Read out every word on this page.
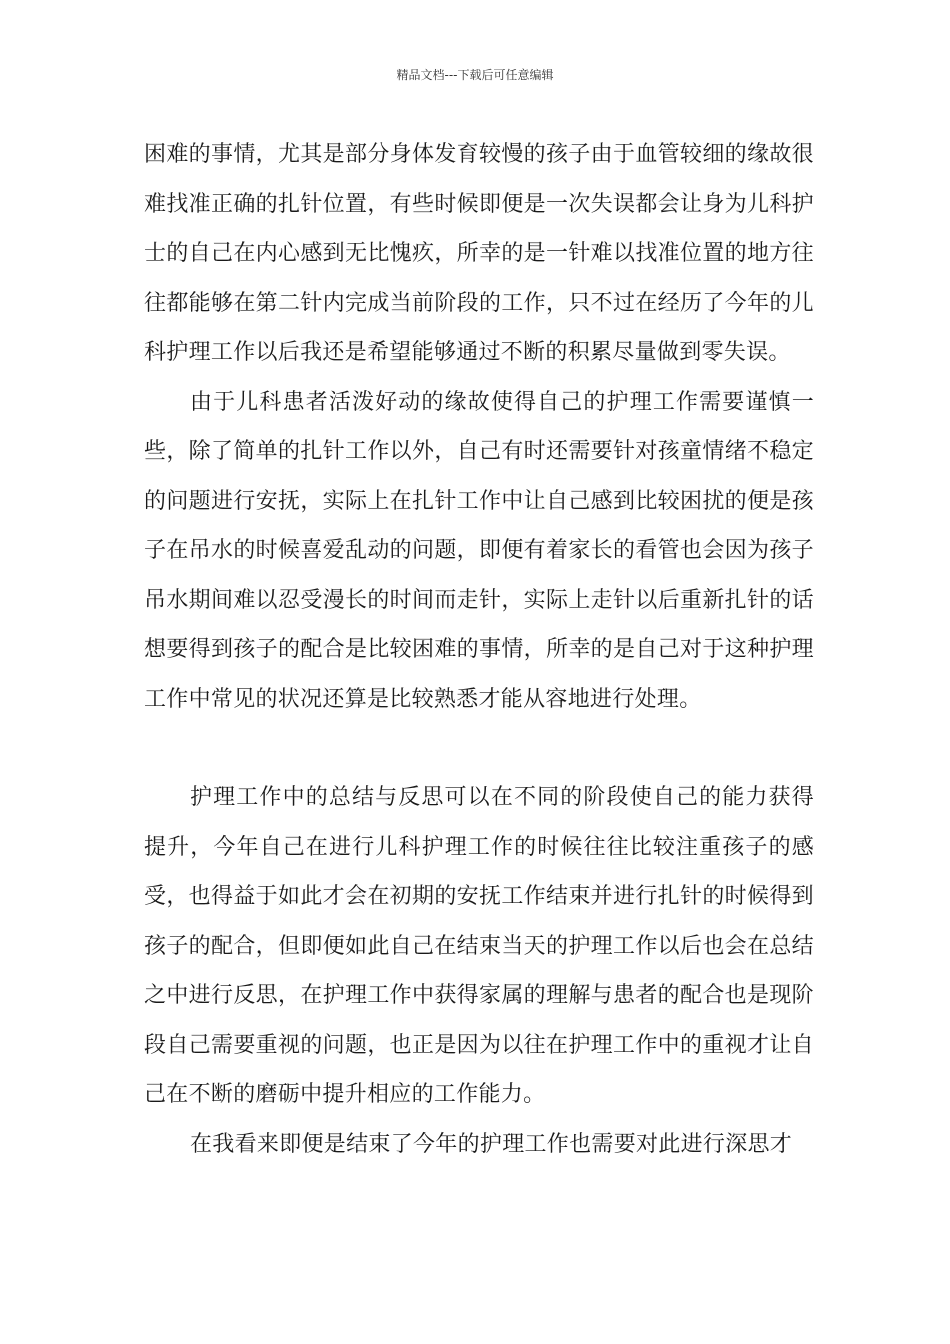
精品文档---下载后可任意编辑

困难的事情，尤其是部分身体发育较慢的孩子由于血管较细的缘故很难找准正确的扎针位置，有些时候即便是一次失误都会让身为儿科护士的自己在内心感到无比愧疚，所幸的是一针难以找准位置的地方往往都能够在第二针内完成当前阶段的工作，只不过在经历了今年的儿科护理工作以后我还是希望能够通过不断的积累尽量做到零失误。

由于儿科患者活泼好动的缘故使得自己的护理工作需要谨慎一些，除了简单的扎针工作以外，自己有时还需要针对孩童情绪不稳定的问题进行安抚，实际上在扎针工作中让自己感到比较困扰的便是孩子在吊水的时候喜爱乱动的问题，即便有着家长的看管也会因为孩子吊水期间难以忍受漫长的时间而走针，实际上走针以后重新扎针的话想要得到孩子的配合是比较困难的事情，所幸的是自己对于这种护理工作中常见的状况还算是比较熟悉才能从容地进行处理。

护理工作中的总结与反思可以在不同的阶段使自己的能力获得提升，今年自己在进行儿科护理工作的时候往往比较注重孩子的感受，也得益于如此才会在初期的安抚工作结束并进行扎针的时候得到孩子的配合，但即便如此自己在结束当天的护理工作以后也会在总结之中进行反思，在护理工作中获得家属的理解与患者的配合也是现阶段自己需要重视的问题，也正是因为以往在护理工作中的重视才让自己在不断的磨砺中提升相应的工作能力。

在我看来即便是结束了今年的护理工作也需要对此进行深思才
